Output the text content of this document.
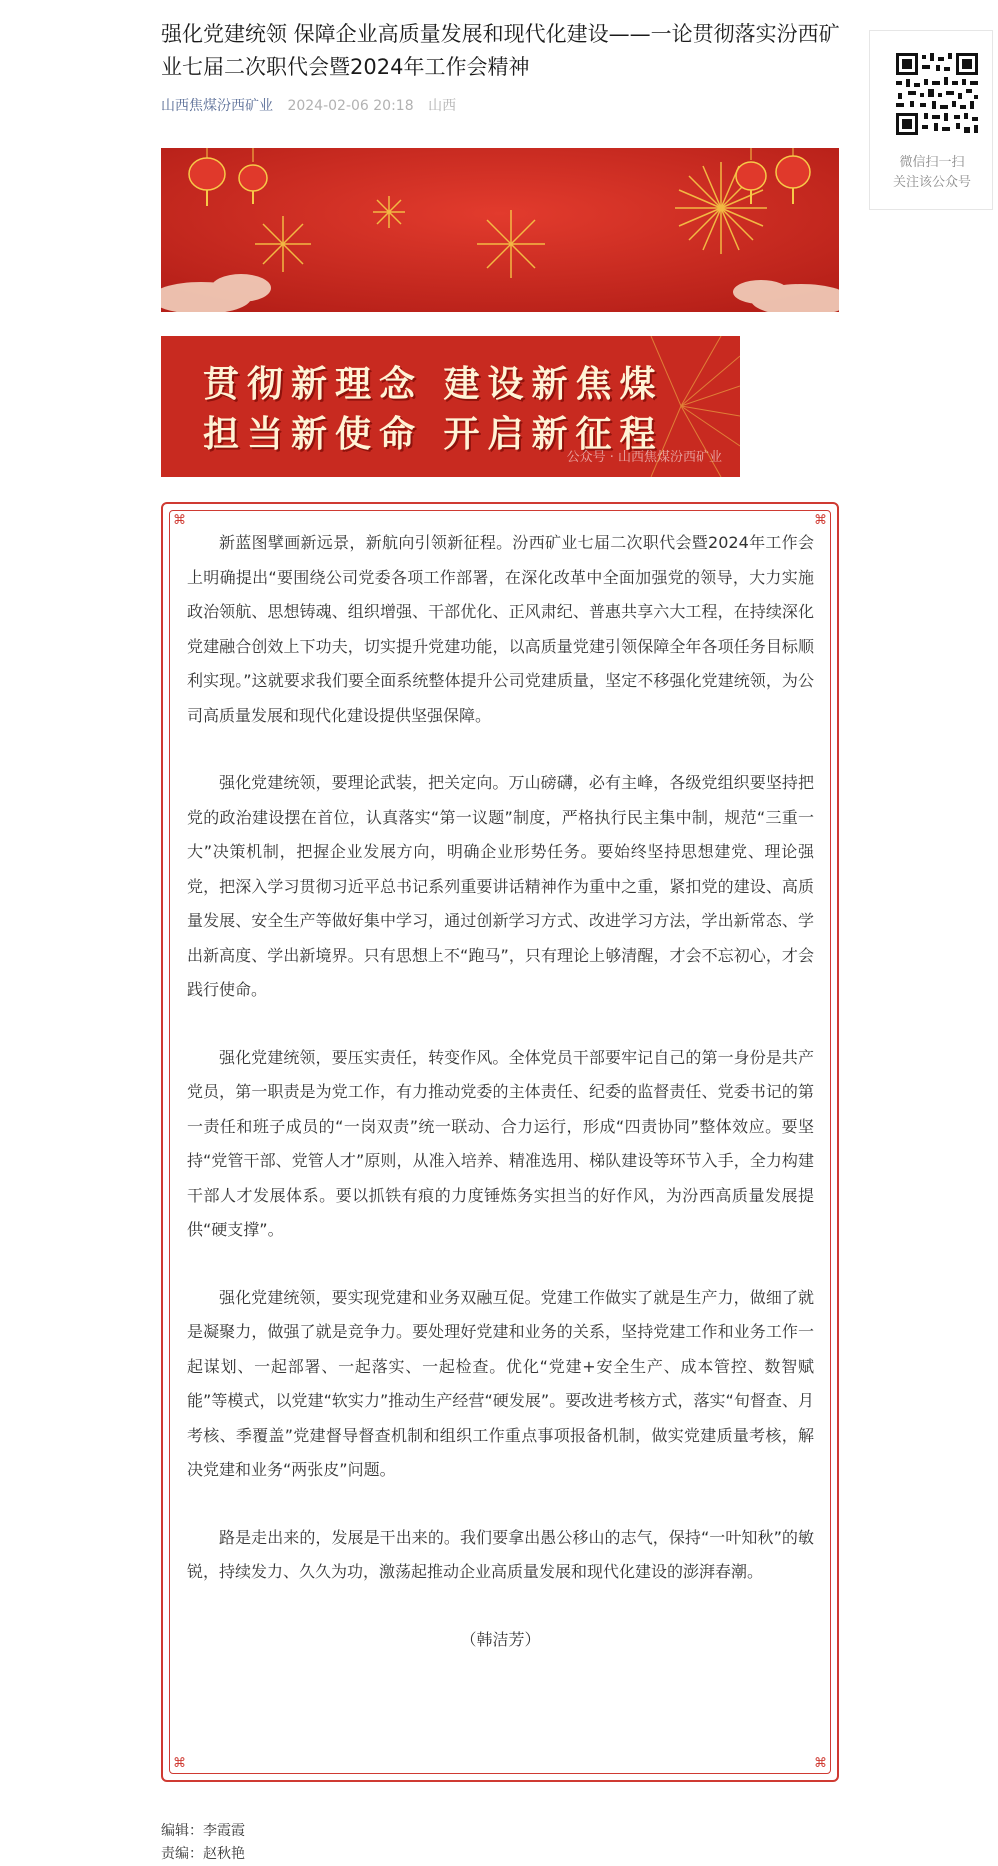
强化党建统领 保障企业高质量发展和现代化建设——一论贯彻落实汾西矿业七届二次职代会暨2024年工作会精神
山西焦煤汾西矿业 2024-02-06 20:18 山西
贯彻新理念 建设新焦煤
担当新使命 开启新征程
公众号 · 山西焦煤汾西矿业
⌘	⌘
⌘	⌘

新蓝图擘画新远景，新航向引领新征程。汾西矿业七届二次职代会暨2024年工作会上明确提出“要围绕公司党委各项工作部署，在深化改革中全面加强党的领导，大力实施政治领航、思想铸魂、组织增强、干部优化、正风肃纪、普惠共享六大工程，在持续深化党建融合创效上下功夫，切实提升党建功能，以高质量党建引领保障全年各项任务目标顺利实现。”这就要求我们要全面系统整体提升公司党建质量，坚定不移强化党建统领，为公司高质量发展和现代化建设提供坚强保障。

强化党建统领，要理论武装，把关定向。万山磅礴，必有主峰，各级党组织要坚持把党的政治建设摆在首位，认真落实“第一议题”制度，严格执行民主集中制，规范“三重一大”决策机制，把握企业发展方向，明确企业形势任务。要始终坚持思想建党、理论强党，把深入学习贯彻习近平总书记系列重要讲话精神作为重中之重，紧扣党的建设、高质量发展、安全生产等做好集中学习，通过创新学习方式、改进学习方法，学出新常态、学出新高度、学出新境界。只有思想上不“跑马”，只有理论上够清醒，才会不忘初心，才会践行使命。

强化党建统领，要压实责任，转变作风。全体党员干部要牢记自己的第一身份是共产党员，第一职责是为党工作，有力推动党委的主体责任、纪委的监督责任、党委书记的第一责任和班子成员的“一岗双责”统一联动、合力运行，形成“四责协同”整体效应。要坚持“党管干部、党管人才”原则，从准入培养、精准选用、梯队建设等环节入手，全力构建干部人才发展体系。要以抓铁有痕的力度锤炼务实担当的好作风，为汾西高质量发展提供“硬支撑”。

强化党建统领，要实现党建和业务双融互促。党建工作做实了就是生产力，做细了就是凝聚力，做强了就是竞争力。要处理好党建和业务的关系，坚持党建工作和业务工作一起谋划、一起部署、一起落实、一起检查。优化“党建+安全生产、成本管控、数智赋能”等模式，以党建“软实力”推动生产经营“硬发展”。要改进考核方式，落实“旬督查、月考核、季覆盖”党建督导督查机制和组织工作重点事项报备机制，做实党建质量考核，解决党建和业务“两张皮”问题。

路是走出来的，发展是干出来的。我们要拿出愚公移山的志气，保持“一叶知秋”的敏锐，持续发力、久久为功，激荡起推动企业高质量发展和现代化建设的澎湃春潮。

（韩洁芳）
微信扫一扫
关注该公众号
编辑：李霞霞
责编：赵秋艳
